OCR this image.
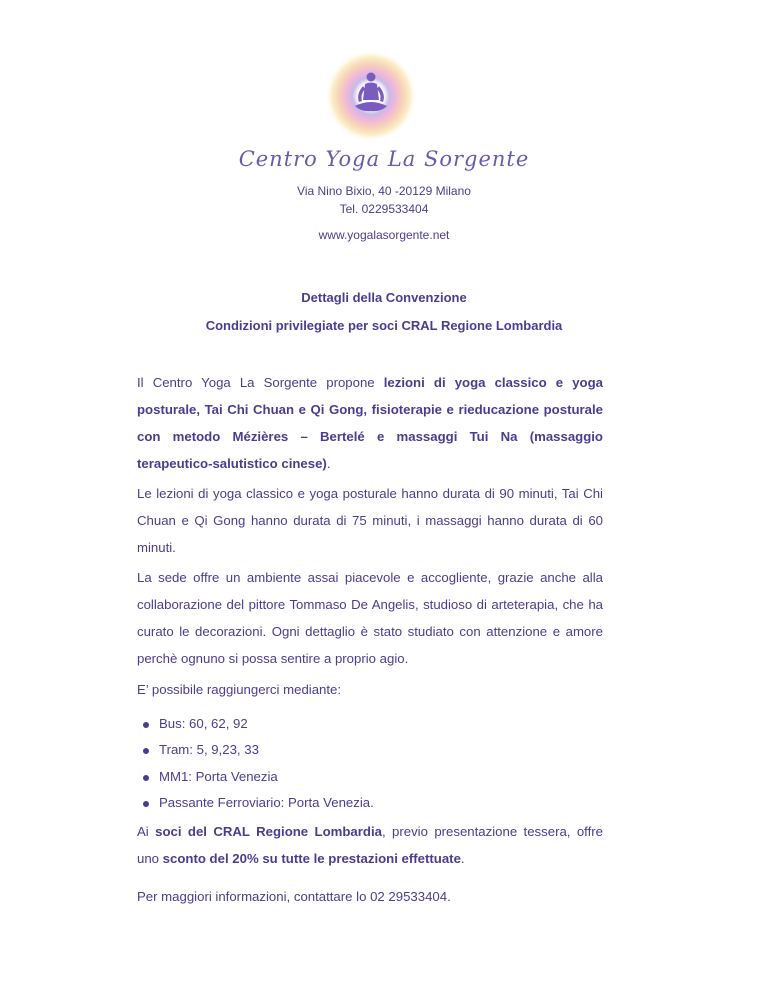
Centro Yoga La Sorgente
Via Nino Bixio, 40 -20129 Milano
Tel. 0229533404
www.yogalasorgente.net
Dettagli della Convenzione
Condizioni privilegiate per soci CRAL Regione Lombardia
Il Centro Yoga La Sorgente propone lezioni di yoga classico e yoga posturale, Tai Chi Chuan e Qi Gong, fisioterapie e rieducazione posturale con metodo Mézières – Bertelé e massaggi Tui Na (massaggio terapeutico-salutistico cinese).
Le lezioni di yoga classico e yoga posturale hanno durata di 90 minuti, Tai Chi Chuan e Qi Gong hanno durata di 75 minuti, i massaggi hanno durata di 60 minuti.
La sede offre un ambiente assai piacevole e accogliente, grazie anche alla collaborazione del pittore Tommaso De Angelis, studioso di arteterapia, che ha curato le decorazioni. Ogni dettaglio è stato studiato con attenzione e amore perchè ognuno si possa sentire a proprio agio.
E’ possibile raggiungerci mediante:
Bus: 60, 62, 92
Tram: 5, 9,23, 33
MM1: Porta Venezia
Passante Ferroviario: Porta Venezia.
Ai soci del CRAL Regione Lombardia, previo presentazione tessera, offre uno sconto del 20% su tutte le prestazioni effettuate.
Per maggiori informazioni, contattare lo 02 29533404.
